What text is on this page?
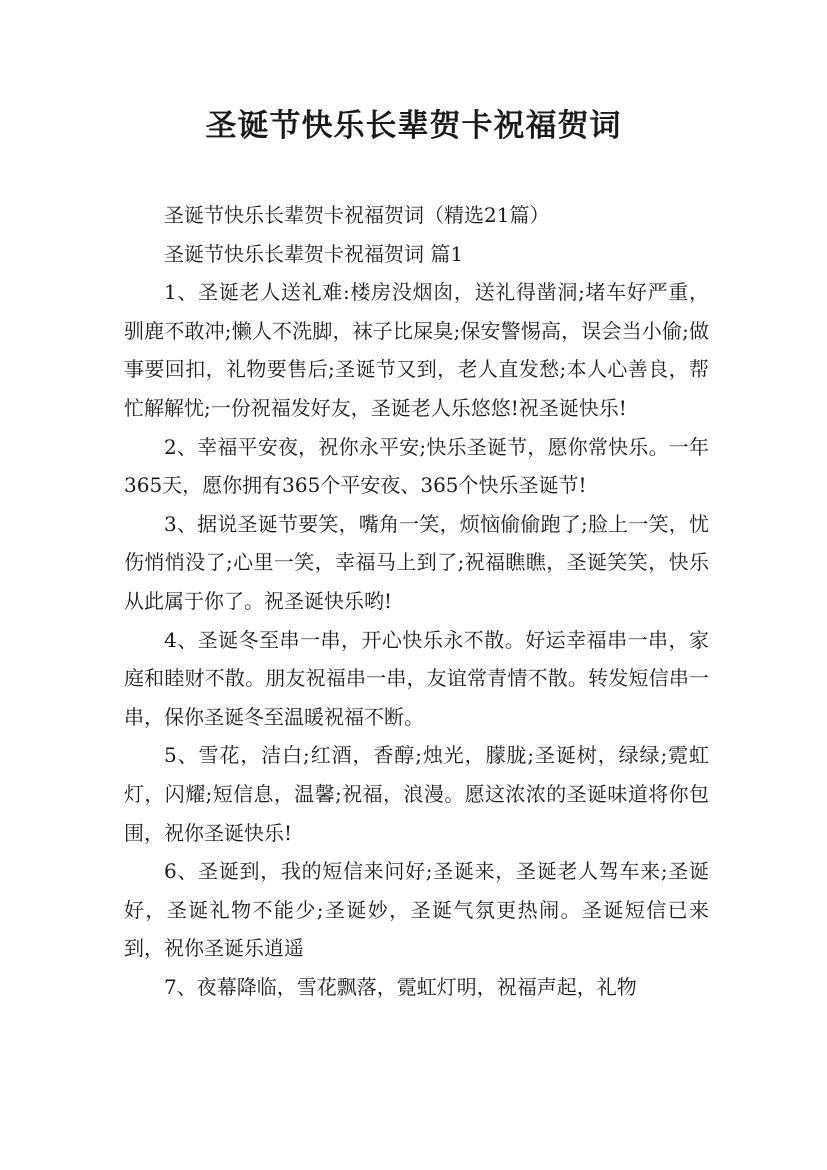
圣诞节快乐长辈贺卡祝福贺词

圣诞节快乐长辈贺卡祝福贺词（精选21篇）

圣诞节快乐长辈贺卡祝福贺词 篇1

1、圣诞老人送礼难:楼房没烟囱，送礼得凿洞;堵车好严重，驯鹿不敢冲;懒人不洗脚，袜子比屎臭;保安警惕高，误会当小偷;做事要回扣，礼物要售后;圣诞节又到，老人直发愁;本人心善良，帮忙解解忧;一份祝福发好友，圣诞老人乐悠悠!祝圣诞快乐!

2、幸福平安夜，祝你永平安;快乐圣诞节，愿你常快乐。一年365天，愿你拥有365个平安夜、365个快乐圣诞节!

3、据说圣诞节要笑，嘴角一笑，烦恼偷偷跑了;脸上一笑，忧伤悄悄没了;心里一笑，幸福马上到了;祝福瞧瞧，圣诞笑笑，快乐从此属于你了。祝圣诞快乐哟!

4、圣诞冬至串一串，开心快乐永不散。好运幸福串一串，家庭和睦财不散。朋友祝福串一串，友谊常青情不散。转发短信串一串，保你圣诞冬至温暖祝福不断。

5、雪花，洁白;红酒，香醇;烛光，朦胧;圣诞树，绿绿;霓虹灯，闪耀;短信息，温馨;祝福，浪漫。愿这浓浓的圣诞味道将你包围，祝你圣诞快乐!

6、圣诞到，我的短信来问好;圣诞来，圣诞老人驾车来;圣诞好，圣诞礼物不能少;圣诞妙，圣诞气氛更热闹。圣诞短信已来到，祝你圣诞乐逍遥

7、夜幕降临，雪花飘落，霓虹灯明，祝福声起，礼物
